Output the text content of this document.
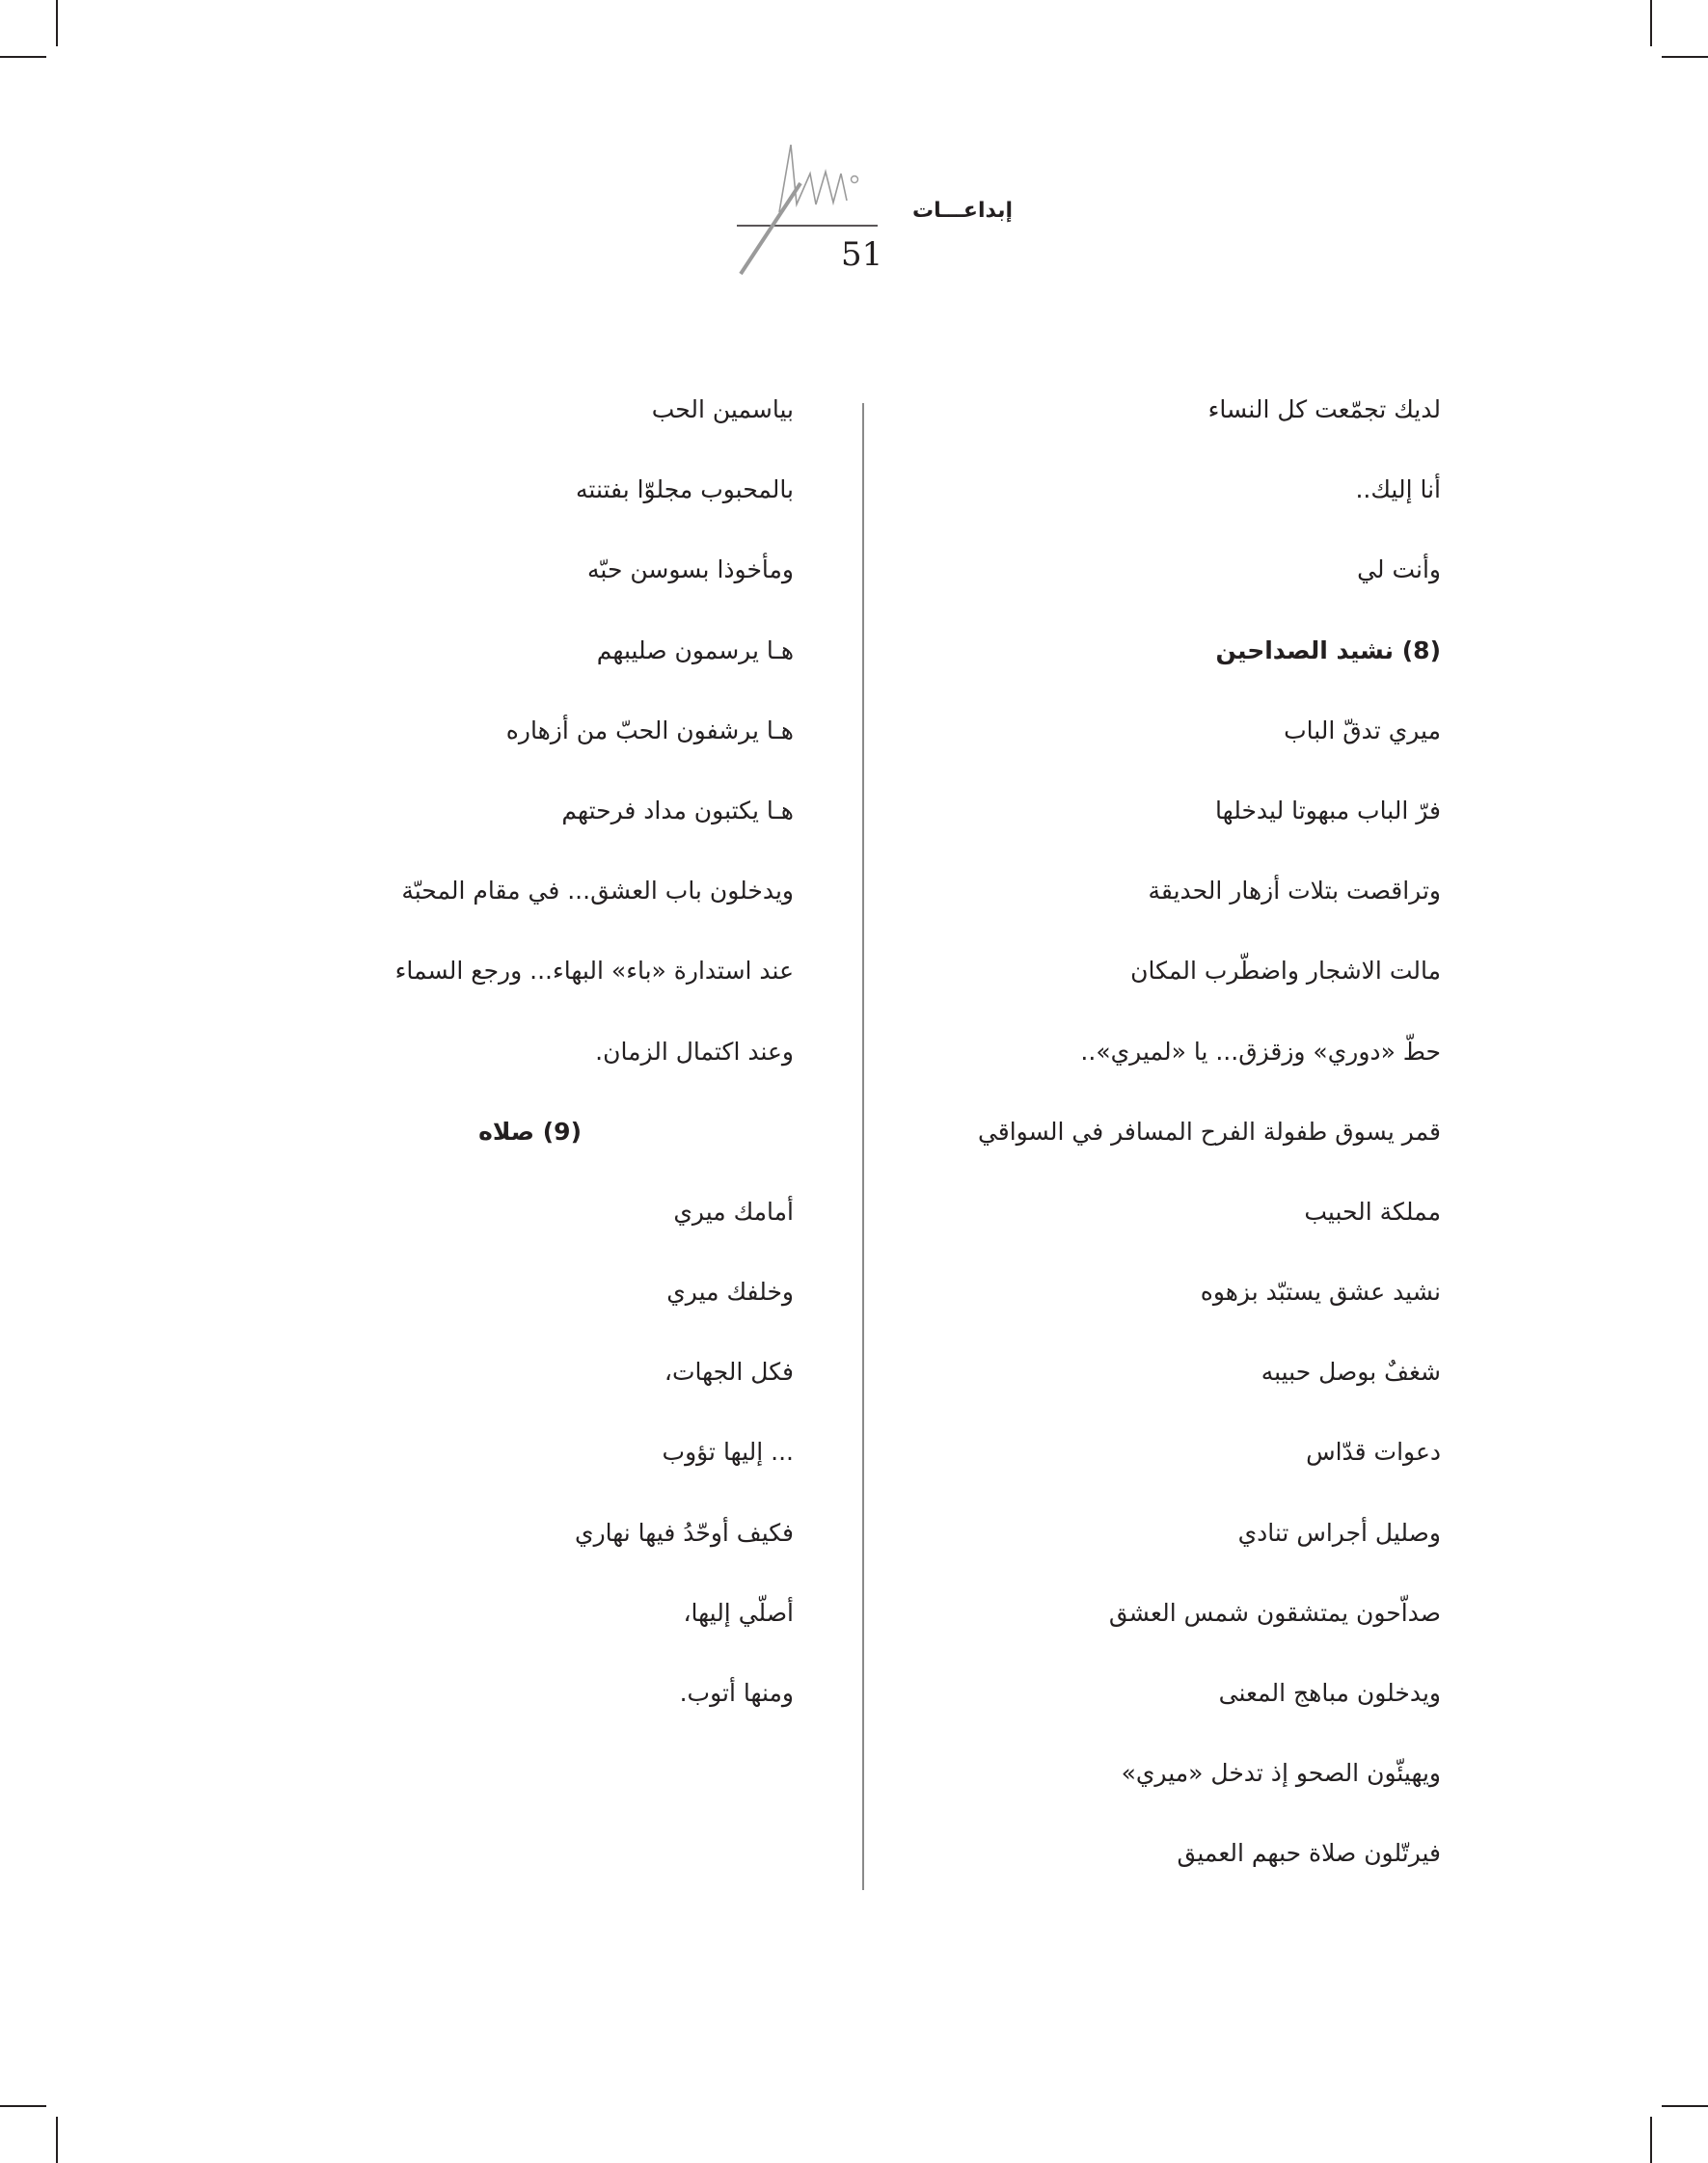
إبداعـــات
51
لديك تجمّعت كل النساء
أنا إليك..
وأنت لي
(8) نشيد الصداحين
ميري تدقّ الباب
فرّ الباب مبهوتا ليدخلها
وتراقصت بتلات أزهار الحديقة
مالت الاشجار واضطّرب المكان
حطّ «دوري» وزقزق... يا «لميري»..
قمر يسوق طفولة الفرح المسافر في السواقي
مملكة الحبيب
نشيد عشق يستبّد بزهوه
شغفٌ بوصل حبيبه
دعوات قدّاس
وصليل أجراس تنادي
صداّحون يمتشقون شمس العشق
ويدخلون مباهج المعنى
ويهيئّون الصحو إذ تدخل «ميري»
فيرتّلون صلاة حبهم العميق
بياسمين الحب
بالمحبوب مجلوّا بفتنته
ومأخوذا بسوسن حبّه
هـا يرسمون صليبهم
هـا يرشفون الحبّ من أزهاره
هـا يكتبون مداد فرحتهم
ويدخلون باب العشق... في مقام المحبّة
عند استدارة «باء» البهاء... ورجع السماء
وعند اكتمال الزمان.
(9) صلاه
أمامك ميري
وخلفك ميري
فكل الجهات،
... إليها تؤوب
فكيف أوحّدُ فيها نهاري
أصلّي إليها،
ومنها أتوب.
